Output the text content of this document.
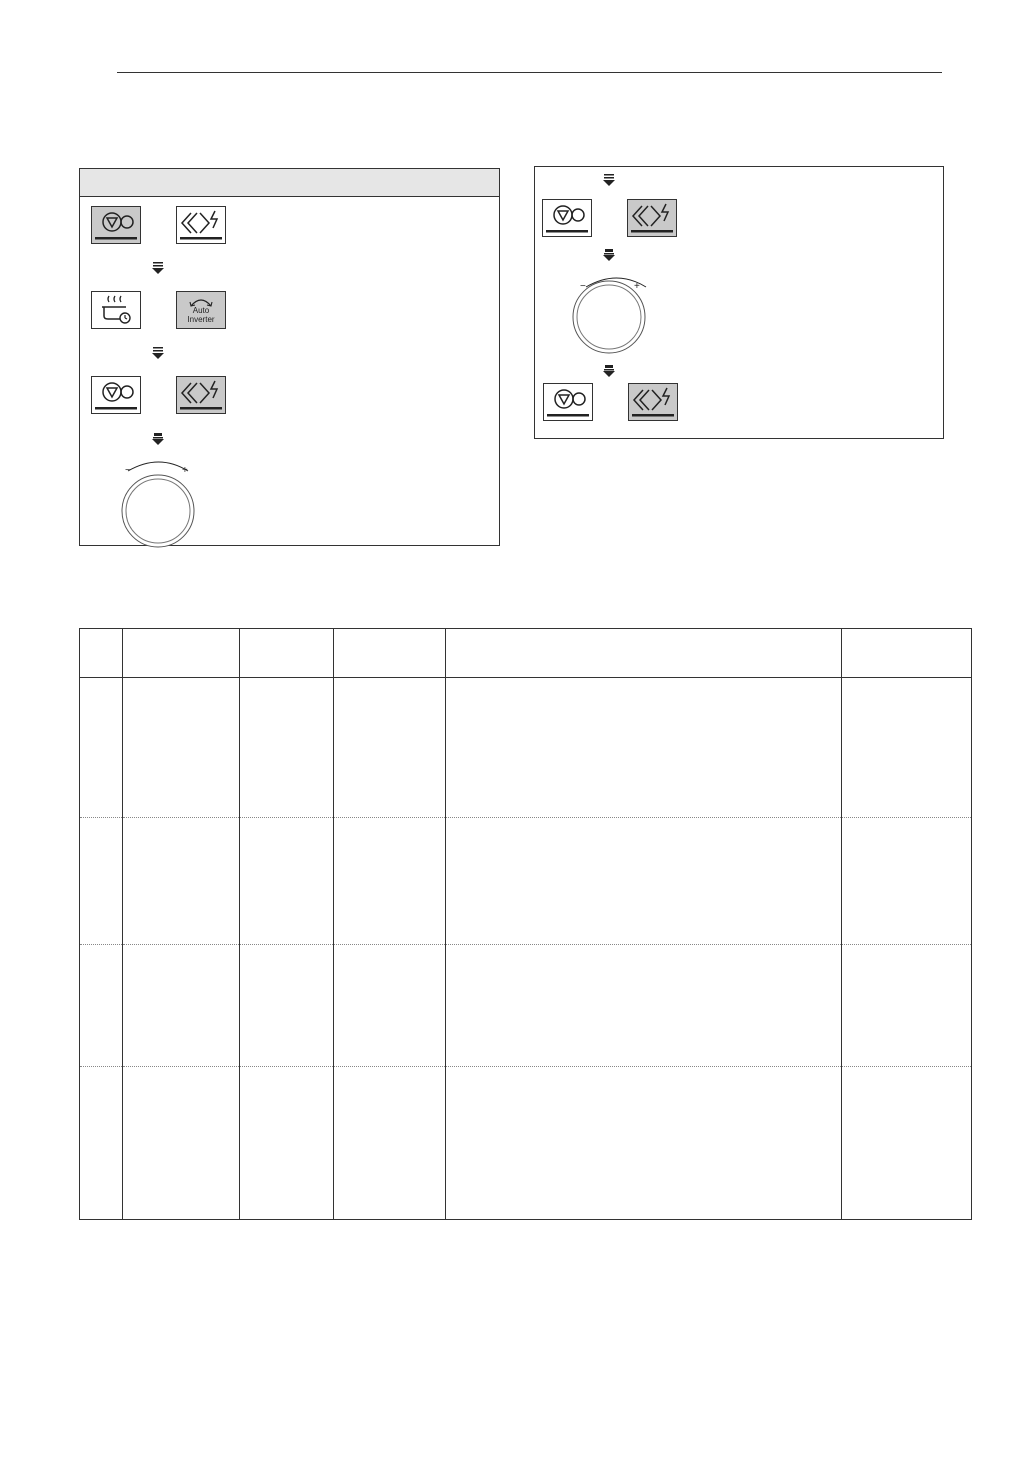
Auto
Inverter
−	+
−	+
